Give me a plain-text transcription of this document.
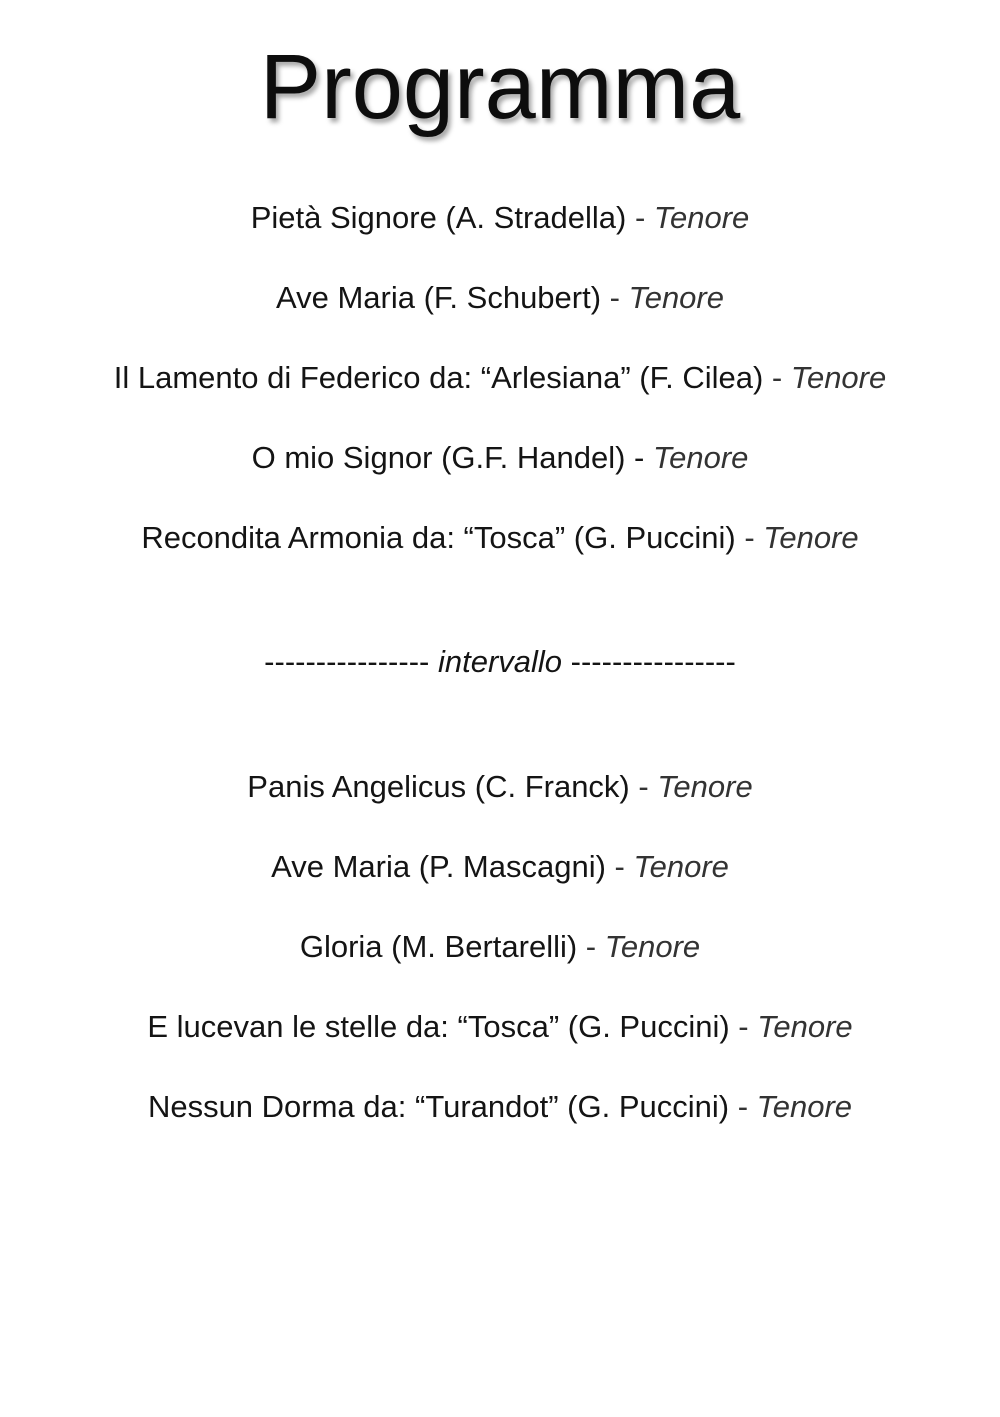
Programma
Pietà Signore (A. Stradella) - Tenore
Ave Maria (F. Schubert) - Tenore
Il Lamento di Federico da: “Arlesiana” (F. Cilea) - Tenore
O mio Signor (G.F. Handel) - Tenore
Recondita Armonia da: “Tosca” (G. Puccini) - Tenore
---------------- intervallo ----------------
Panis Angelicus (C. Franck) - Tenore
Ave Maria (P. Mascagni) - Tenore
Gloria (M. Bertarelli) - Tenore
E lucevan le stelle da: “Tosca” (G. Puccini) - Tenore
Nessun Dorma da: “Turandot” (G. Puccini) - Tenore
